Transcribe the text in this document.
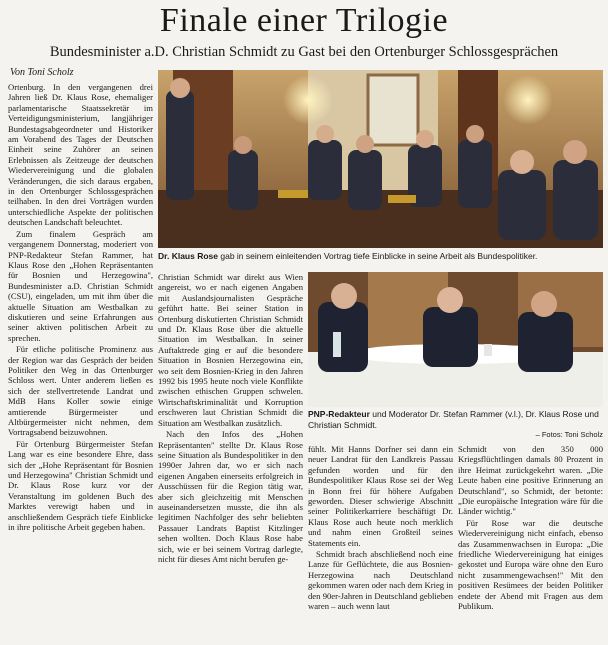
Finale einer Trilogie
Bundesminister a.D. Christian Schmidt zu Gast bei den Ortenburger Schlossgesprächen
Von Toni Scholz

Ortenburg. In den vergangenen drei Jahren ließ Dr. Klaus Rose, ehemaliger parlamentarische Staatssekretär im Verteidigungsministerium, langjähriger Bundestagsabgeordneter und Historiker am Vorabend des Tages der Deutschen Einheit seine Zuhörer an seinen Erlebnissen als Zeitzeuge der deutschen Wiedervereinigung und die globalen Veränderungen, die sich daraus ergaben, in den Ortenburger Schlossgesprächen teilhaben. In den drei Vorträgen wurden unterschiedliche Aspekte der politischen deutschen Landschaft beleuchtet.

Zum finalem Gespräch am vergangenem Donnerstag, moderiert von PNP-Redakteur Stefan Rammer, hat Klaus Rose den „Hohen Repräsentanten für Bosnien und Herzegowina", Bundesminister a.D. Christian Schmidt (CSU), eingeladen, um mit ihm über die aktuelle Situation am Westbalkan zu diskutieren und seine Erfahrungen aus seiner aktiven politischen Arbeit zu sprechen.

Für etliche politische Prominenz aus der Region war das Gespräch der beiden Politiker den Weg in das Ortenburger Schloss wert. Unter anderem ließen es sich der stellvertretende Landrat und MdB Hans Koller sowie einige amtierende Bürgermeister und Altbürgermeister nicht nehmen, dem Vortragsabend beizuwohnen.

Für Ortenburg Bürgermeister Stefan Lang war es eine besondere Ehre, dass sich der „Hohe Repräsentant für Bosnien und Herzegowina" Christian Schmidt und Dr. Klaus Rose kurz vor der Veranstaltung im goldenen Buch des Marktes verewigt haben und in anschließendem Gespräch tiefe Einblicke in ihre politische Arbeit gegeben haben.

Dr. Klaus Rose gab in seinem einleitenden Vortrag tiefe Einblicke in seine Arbeit als Bundespolitiker.

Christian Schmidt war direkt aus Wien angereist, wo er nach eigenen Angaben mit Auslandsjournalisten Gespräche geführt hatte. Bei seiner Station in Ortenburg diskutierten Christian Schmidt und Dr. Klaus Rose über die aktuelle Situation im Westbalkan. In seiner Auftaktrede ging er auf die besondere Situation in Bosnien Herzegowina ein, wo seit dem Bosnien-Krieg in den Jahren 1992 bis 1995 heute noch viele Konflikte zwischen ethischen Gruppen schwelen. Wirtschaftskriminalität und Korruption erschweren laut Christian Schmidt die Situation am Westbalkan zusätzlich.

Nach den Infos des „Hohen Repräsentanten" stellte Dr. Klaus Rose seine Situation als Bundespolitiker in den 1990er Jahren dar, wo er sich nach eigenen Angaben einerseits erfolgreich in Ausschüssen für die Region tätig war, aber sich gleichzeitig mit Menschen auseinandersetzen musste, die ihn als legitimen Nachfolger des sehr beliebten Passauer Landrats Baptist Kitzlinger sehen wollten. Doch Klaus Rose habe sich, wie er bei seinem Vortrag darlegte, nicht für dieses Amt nicht berufen ge-

PNP-Redakteur und Moderator Dr. Stefan Rammer (v.l.), Dr. Klaus Rose und Christian Schmidt.
– Fotos: Toni Scholz

fühlt. Mit Hanns Dorfner sei dann ein neuer Landrat für den Landkreis Passau gefunden worden und für den Bundespolitiker Klaus Rose sei der Weg in Bonn frei für höhere Aufgaben geworden. Dieser schwierige Abschnitt seiner Politikerkarriere beschäftigt Dr. Klaus Rose auch heute noch merklich und nahm einen Großteil seines Statements ein.

Schmidt brach abschließend noch eine Lanze für Geflüchtete, die aus Bosnien-Herzegowina nach Deutschland gekommen waren oder nach dem Krieg in den 90er-Jahren in Deutschland geblieben waren – auch wenn laut

Schmidt von den 350 000 Kriegsflüchtlingen damals 80 Prozent in ihre Heimat zurückgekehrt waren. „Die Leute haben eine positive Erinnerung an Deutschland", so Schmidt, der betonte: „Die europäische Integration wäre für die Länder wichtig."

Für Rose war die deutsche Wiedervereinigung nicht einfach, ebenso das Zusammenwachsen in Europa: „Die friedliche Wiedervereinigung hat einiges gekostet und Europa wäre ohne den Euro nicht zusammengewachsen!" Mit den positiven Resümees der beiden Politiker endete der Abend mit Fragen aus dem Publikum.
